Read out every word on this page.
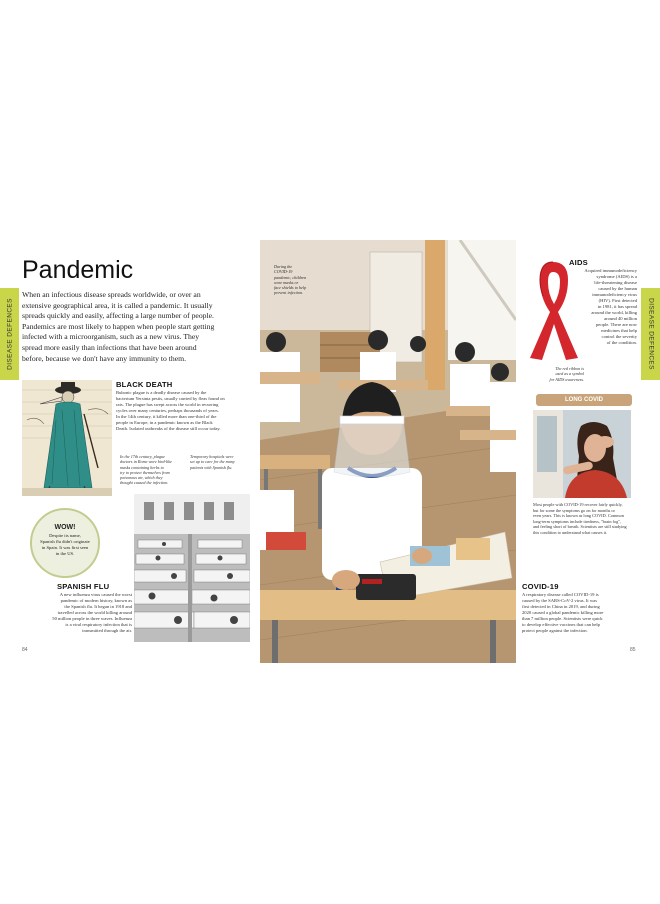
DISEASE DEFENCES
Pandemic
When an infectious disease spreads worldwide, or over an
extensive geographical area, it is called a pandemic. It usually
spreads quickly and easily, affecting a large number of people.
Pandemics are most likely to happen when people start getting
infected with a microorganism, such as a new virus. They
spread more easily than infections that have been around
before, because we don't have any immunity to them.
BLACK DEATH
Bubonic plague is a deadly disease caused by the
bacterium Yersinia pestis, usually carried by fleas found on
rats. The plague has swept across the world in recurring
cycles over many centuries, perhaps thousands of years.
In the 14th century, it killed more than one-third of the
people in Europe, in a pandemic known as the Black
Death. Isolated outbreaks of the disease still occur today.
In the 17th century, plague
doctors in Rome wore bird-like
masks containing herbs to
try to protect themselves from
poisonous air, which they
thought caused the infection.
Temporary hospitals were
set up to care for the many
patients with Spanish flu.
WOW!
Despite its name,
Spanish flu didn't originate
in Spain. It was first seen
in the US.
SPANISH FLU
A new influenza virus caused the worst
pandemic of modern history, known as
the Spanish flu. It began in 1918 and
travelled across the world killing around
50 million people in three waves. Influenza
is a viral respiratory infection that is
transmitted through the air.
84
During the
COVID-19
pandemic, children
wore masks or
face shields to help
prevent infection.
AIDS
Acquired immunodeficiency
syndrome (AIDS) is a
life-threatening disease
caused by the human
immunodeficiency virus
(HIV). First detected
in 1981, it has spread
around the world, killing
around 40 million
people. There are now
medicines that help
control the severity
of the condition.
The red ribbon is
used as a symbol
for AIDS awareness.
DISEASE DEFENCES
LONG COVID
Most people with COVID-19 recover fairly quickly,
but for some the symptoms go on for months or
even years. This is known as long COVID. Common
long-term symptoms include tiredness, "brain fog",
and feeling short of breath. Scientists are still studying
this condition to understand what causes it.
COVID-19
A respiratory disease called COVID-19 is
caused by the SARS-CoV-2 virus. It was
first detected in China in 2019, and during
2020 caused a global pandemic killing more
than 7 million people. Scientists were quick
to develop effective vaccines that can help
protect people against the infection.
85
